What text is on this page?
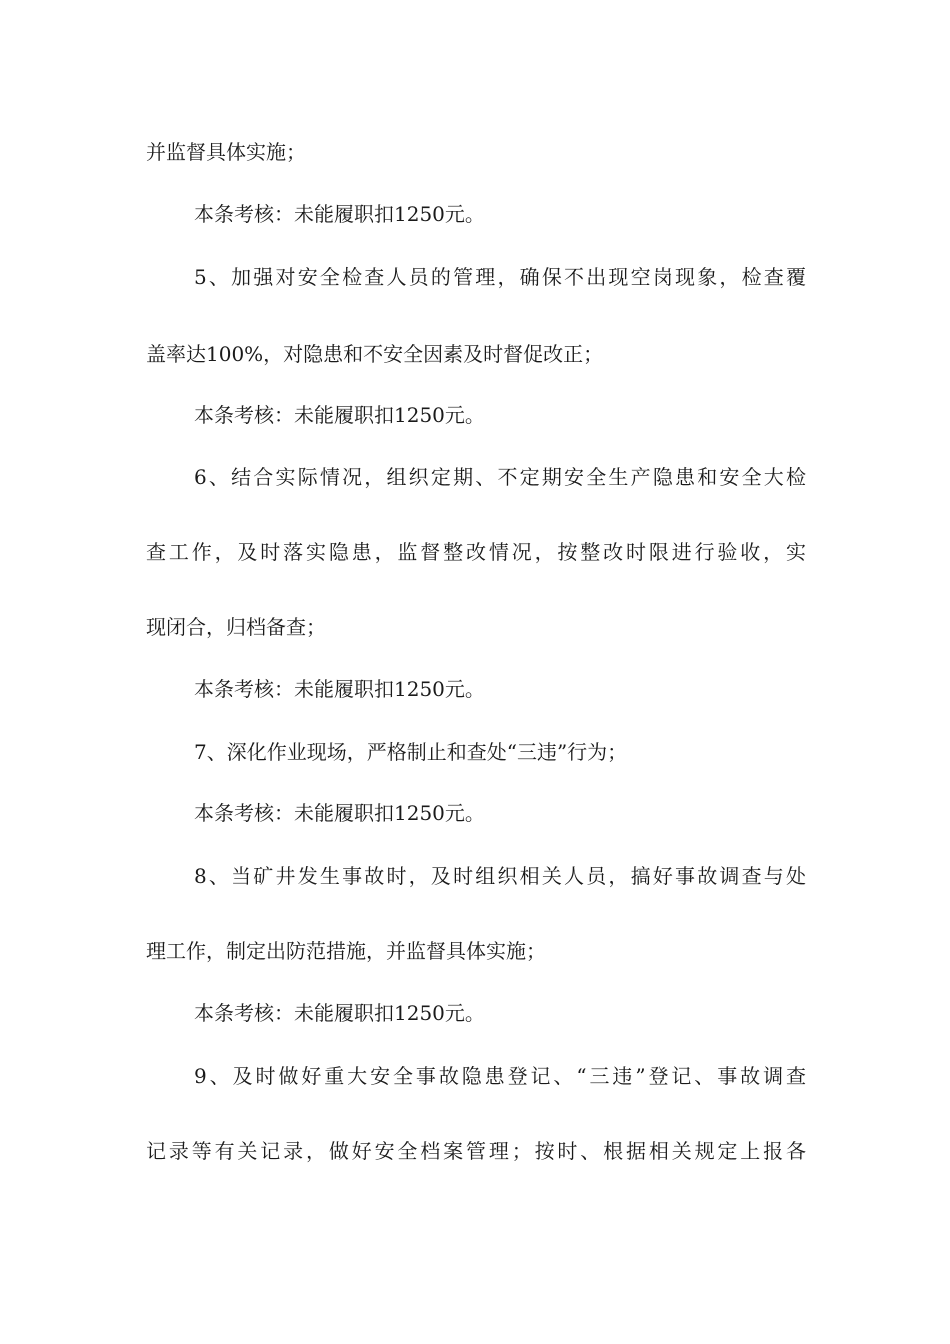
并监督具体实施；
本条考核：未能履职扣1250元。
5、加强对安全检查人员的管理，确保不出现空岗现象，检查覆
盖率达100%，对隐患和不安全因素及时督促改正；
本条考核：未能履职扣1250元。
6、结合实际情况，组织定期、不定期安全生产隐患和安全大检
查工作，及时落实隐患，监督整改情况，按整改时限进行验收，实
现闭合，归档备查；
本条考核：未能履职扣1250元。
7、深化作业现场，严格制止和查处“三违”行为；
本条考核：未能履职扣1250元。
8、当矿井发生事故时，及时组织相关人员，搞好事故调查与处
理工作，制定出防范措施，并监督具体实施；
本条考核：未能履职扣1250元。
9、及时做好重大安全事故隐患登记、“三违”登记、事故调查
记录等有关记录，做好安全档案管理；按时、根据相关规定上报各
